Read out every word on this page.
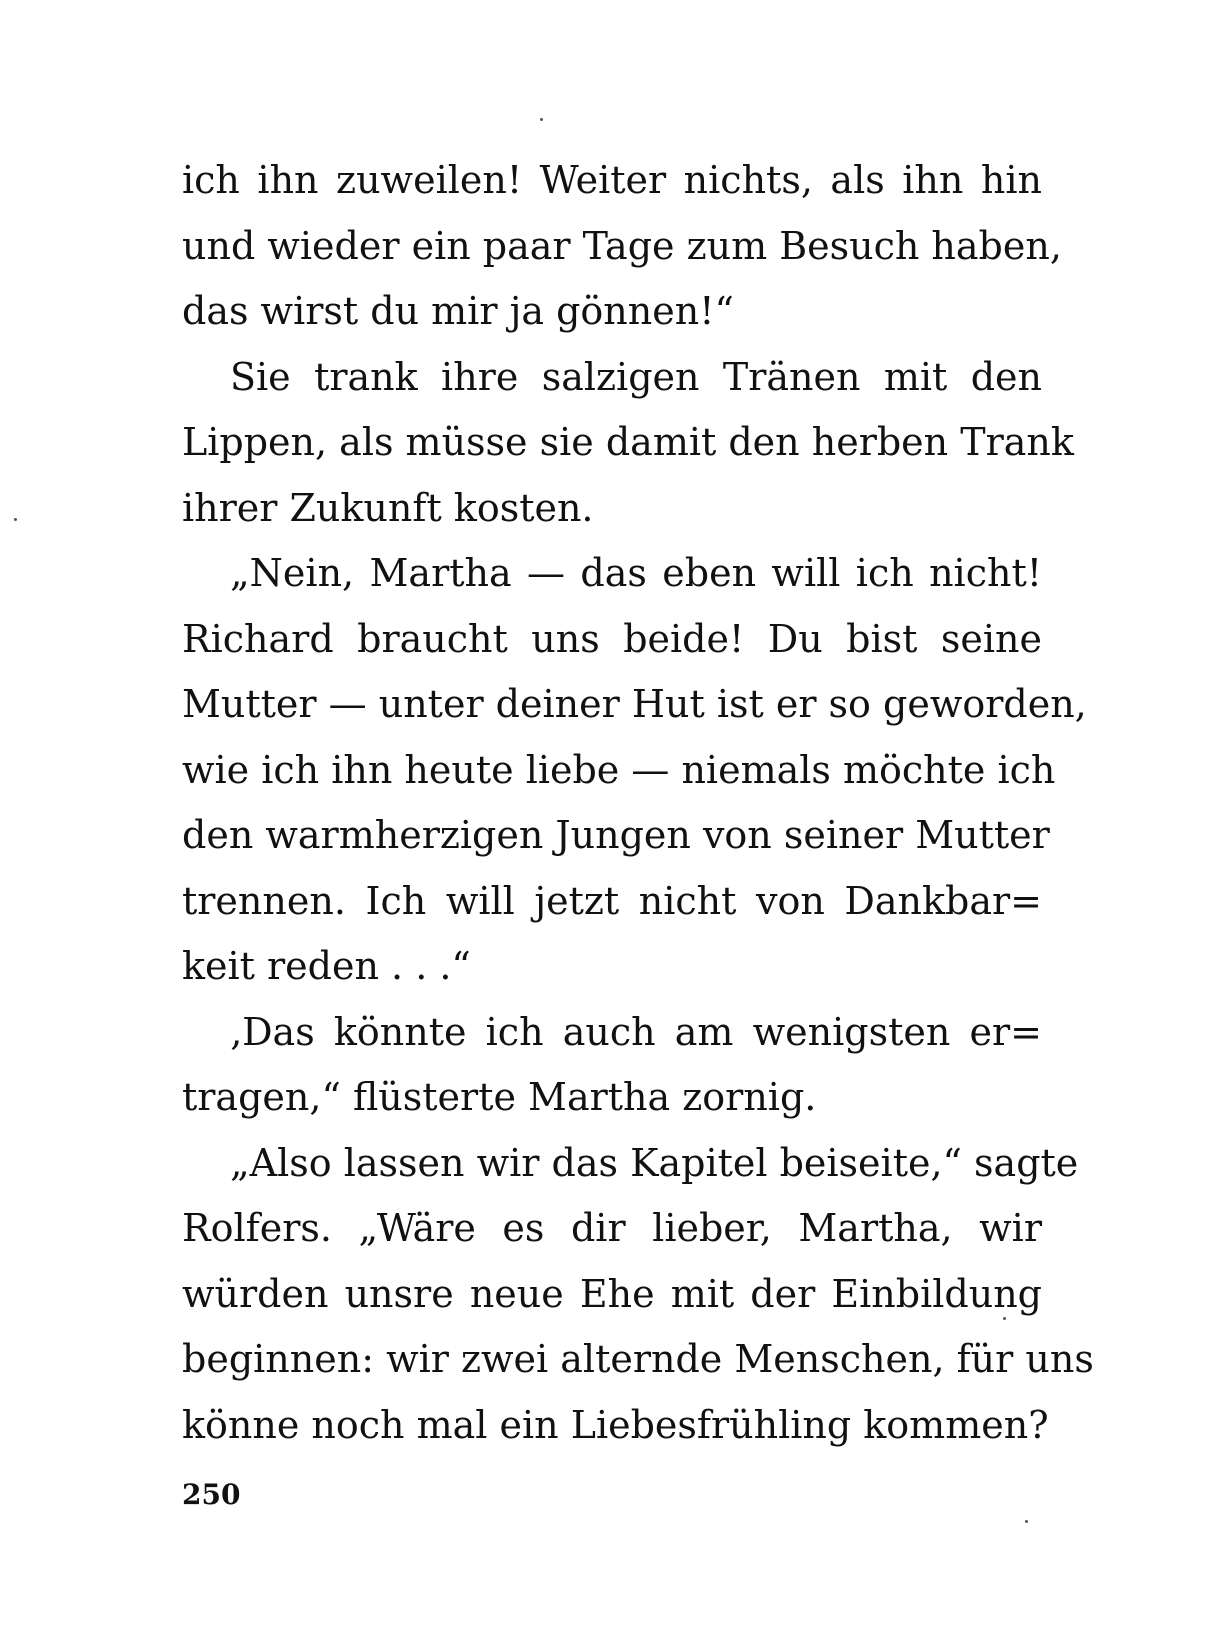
ich ihn zuweilen! Weiter nichts, als ihn hin
und wieder ein paar Tage zum Besuch haben,
das wirst du mir ja gönnen!“
Sie trank ihre salzigen Tränen mit den
Lippen, als müsse sie damit den herben Trank
ihrer Zukunft kosten.
„Nein, Martha — das eben will ich nicht!
Richard braucht uns beide! Du bist seine
Mutter — unter deiner Hut ist er so geworden,
wie ich ihn heute liebe — niemals möchte ich
den warmherzigen Jungen von seiner Mutter
trennen. Ich will jetzt nicht von Dankbar=
keit reden . . .“
‚Das könnte ich auch am wenigsten er=
tragen,“ flüsterte Martha zornig.
„Also lassen wir das Kapitel beiseite,“ sagte
Rolfers. „Wäre es dir lieber, Martha, wir
würden unsre neue Ehe mit der Einbildung
beginnen: wir zwei alternde Menschen, für uns
könne noch mal ein Liebesfrühling kommen?
250
